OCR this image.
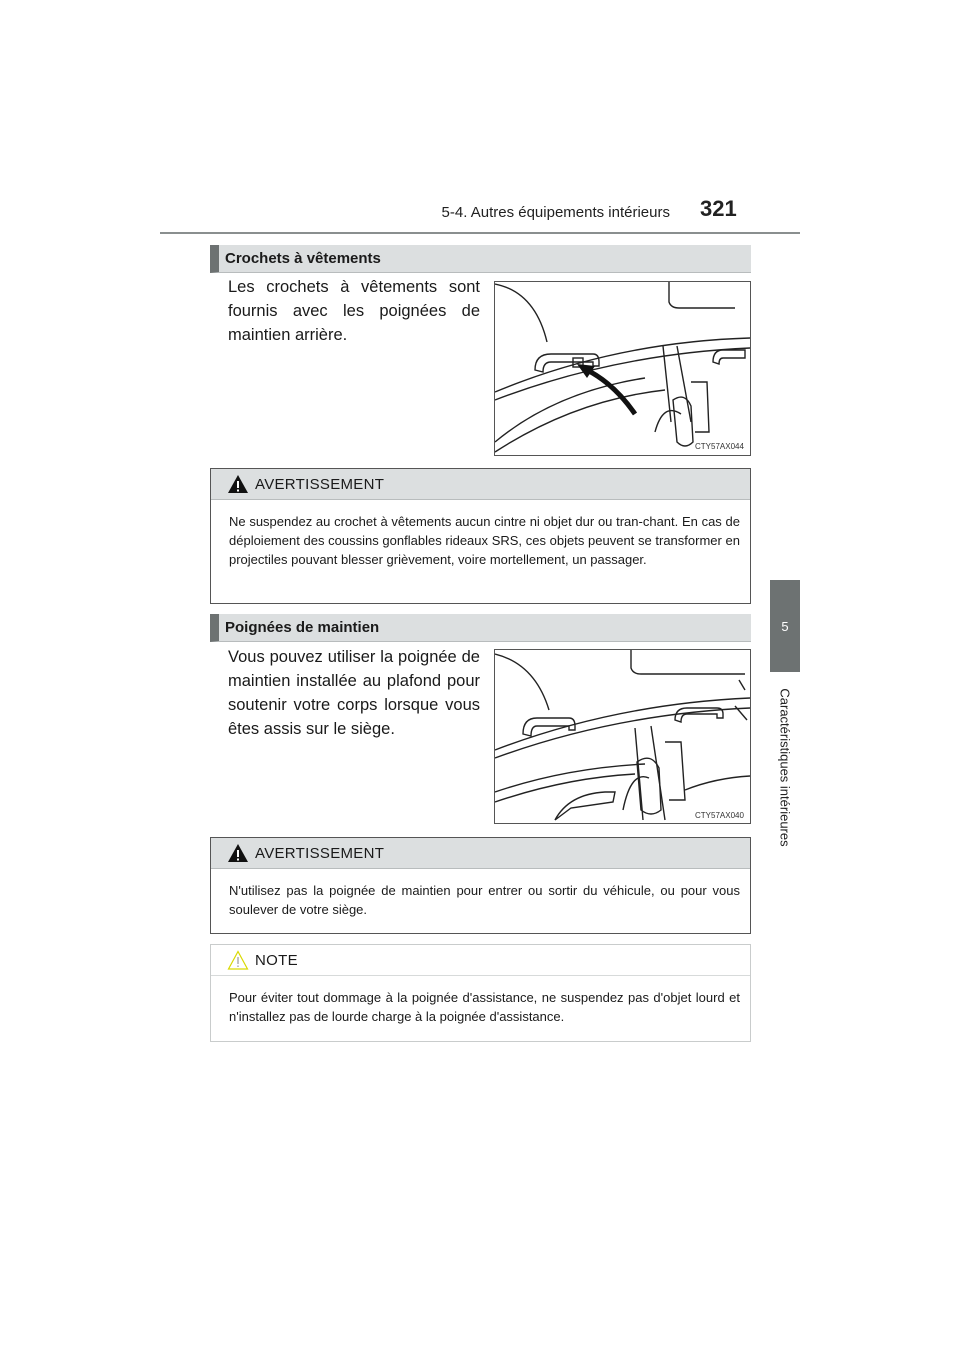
5-4. Autres équipements intérieurs 321
5
Caractéristiques intérieures
Crochets à vêtements
Les crochets à vêtements sont fournis avec les poignées de maintien arrière.
CTY57AX044
AVERTISSEMENT
Ne suspendez au crochet à vêtements aucun cintre ni objet dur ou tran-chant. En cas de déploiement des coussins gonflables rideaux SRS, ces objets peuvent se transformer en projectiles pouvant blesser grièvement, voire mortellement, un passager.
Poignées de maintien
Vous pouvez utiliser la poignée de maintien installée au plafond pour soutenir votre corps lorsque vous êtes assis sur le siège.
CTY57AX040
AVERTISSEMENT
N'utilisez pas la poignée de maintien pour entrer ou sortir du véhicule, ou pour vous soulever de votre siège.
NOTE
Pour éviter tout dommage à la poignée d'assistance, ne suspendez pas d'objet lourd et n'installez pas de lourde charge à la poignée d'assistance.
